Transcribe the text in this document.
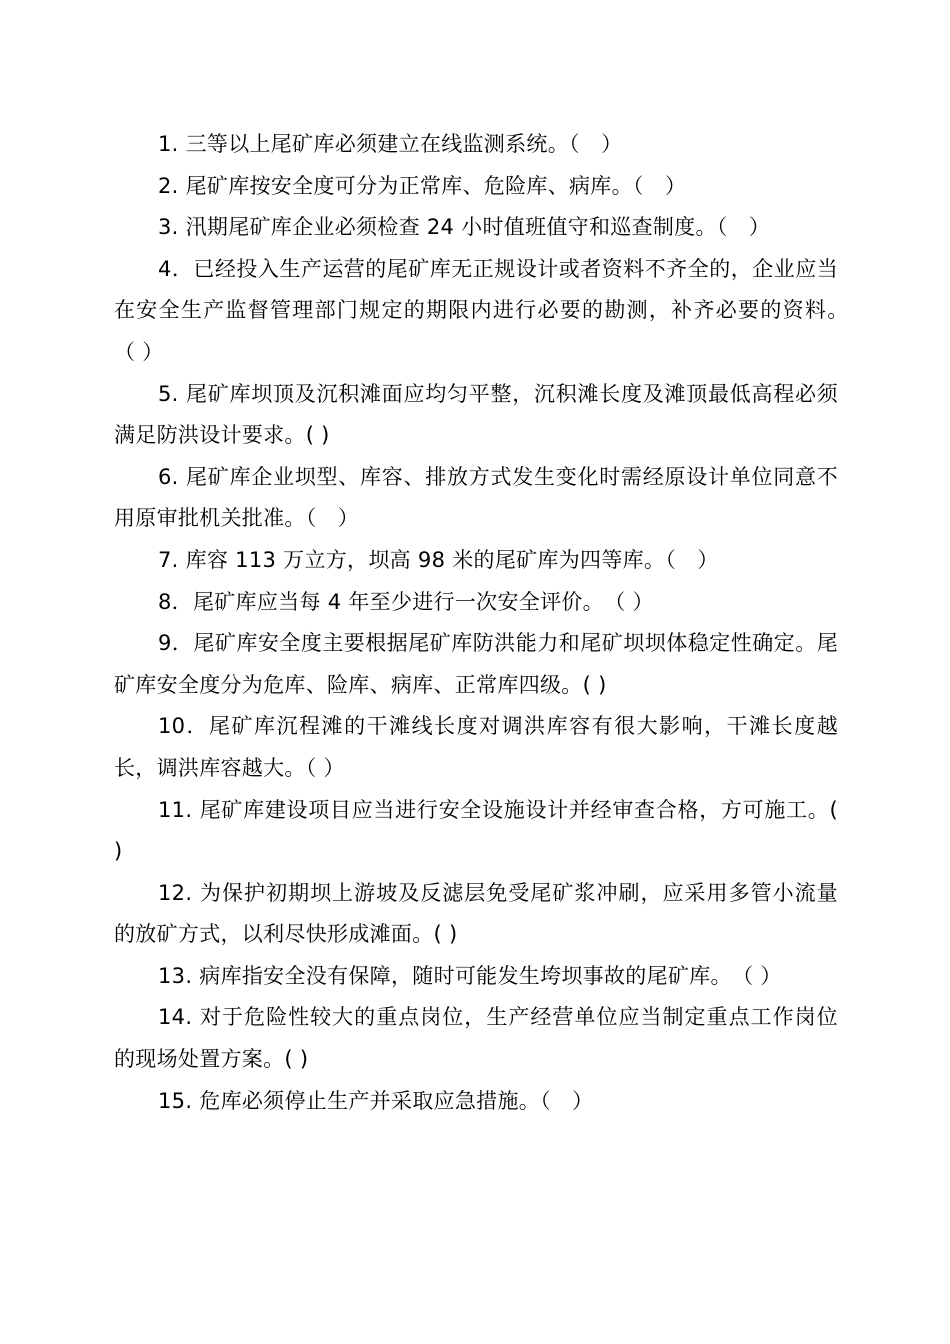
1. 三等以上尾矿库必须建立在线监测系统。（　）
2. 尾矿库按安全度可分为正常库、危险库、病库。（　）
3. 汛期尾矿库企业必须检查 24 小时值班值守和巡查制度。（　）
4．已经投入生产运营的尾矿库无正规设计或者资料不齐全的，企业应当在安全生产监督管理部门规定的期限内进行必要的勘测，补齐必要的资料。　（ ）
5. 尾矿库坝顶及沉积滩面应均匀平整，沉积滩长度及滩顶最低高程必须满足防洪设计要求。( )
6. 尾矿库企业坝型、库容、排放方式发生变化时需经原设计单位同意不用原审批机关批准。（　）
7. 库容 113 万立方，坝高 98 米的尾矿库为四等库。（　）
8．尾矿库应当每 4 年至少进行一次安全评价。　（ ）
9．尾矿库安全度主要根据尾矿库防洪能力和尾矿坝坝体稳定性确定。尾矿库安全度分为危库、险库、病库、正常库四级。( )
10．尾矿库沉程滩的干滩线长度对调洪库容有很大影响，干滩长度越长，调洪库容越大。（ ）
11. 尾矿库建设项目应当进行安全设施设计并经审查合格，方可施工。( )
12. 为保护初期坝上游坡及反滤层免受尾矿浆冲刷，应采用多管小流量的放矿方式，以利尽快形成滩面。( )
13. 病库指安全没有保障，随时可能发生垮坝事故的尾矿库。　（ ）
14. 对于危险性较大的重点岗位，生产经营单位应当制定重点工作岗位的现场处置方案。( )
15. 危库必须停止生产并采取应急措施。（　）
